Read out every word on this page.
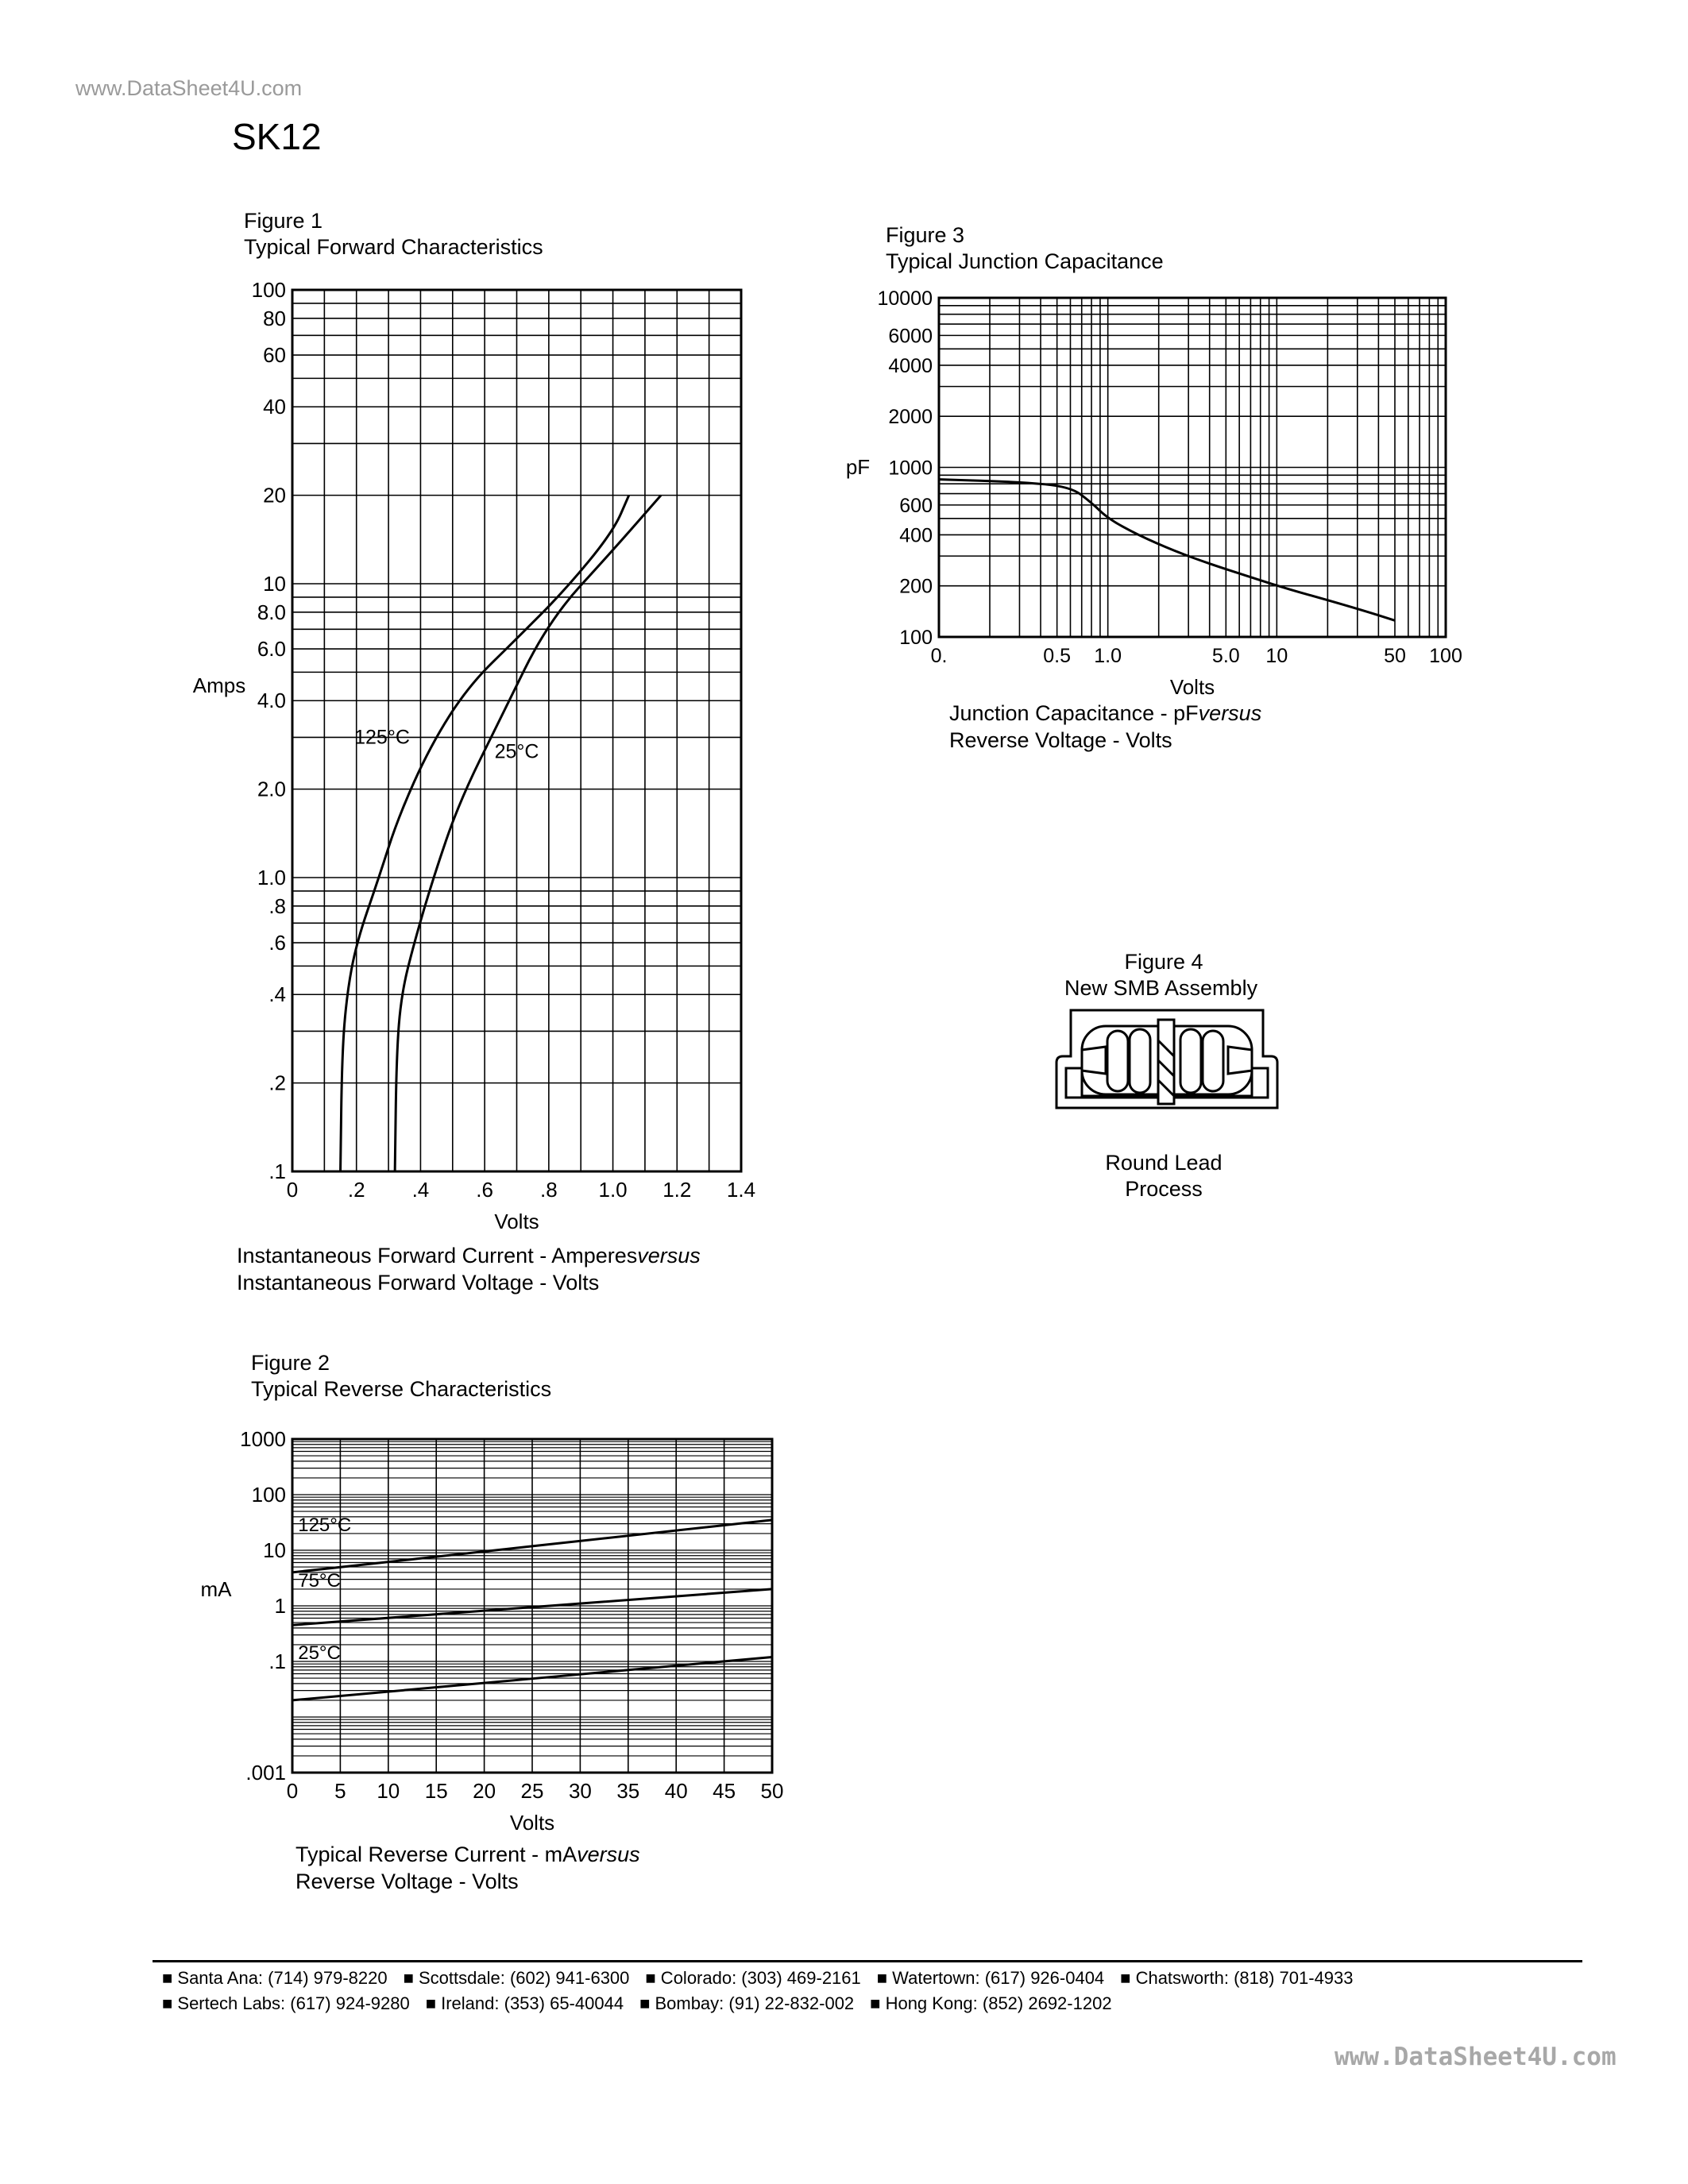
www.DataSheet4U.com
SK12
Figure 1
Typical Forward Characteristics
.1
.2
.4
.6
.8
1.0
2.0
4.0
6.0
8.0
10
20
40
60
80
100
0 .2 .4 .6 .8 1.0 1.2 1.4
Volts
Amps
125°C
25°C
Instantaneous Forward Current - Amperesversus
Instantaneous Forward Voltage - Volts
Figure 2
Typical Reverse Characteristics
.001
.1
1
10
100
1000
0 5 10 15 20 25 30 35 40 45 50
Volts
mA
125°C
75°C
25°C
Typical Reverse Current - mAversus
Reverse Voltage - Volts
Figure 3
Typical Junction Capacitance
100
200
400
600
1000
2000
4000
6000
10000
0.	0.5 1.0	5.0 10	50 100
Volts
pF
Junction Capacitance - pFversus
Reverse Voltage - Volts
Figure 4
New SMB Assembly
Round Lead
Process
■ Santa Ana: (714) 979-8220 ■ Scottsdale: (602) 941-6300 ■ Colorado: (303) 469-2161 ■ Watertown: (617) 926-0404 ■ Chatsworth: (818) 701-4933
■ Sertech Labs: (617) 924-9280 ■ Ireland: (353) 65-40044 ■ Bombay: (91) 22-832-002 ■ Hong Kong: (852) 2692-1202
www.DataSheet4U.com
